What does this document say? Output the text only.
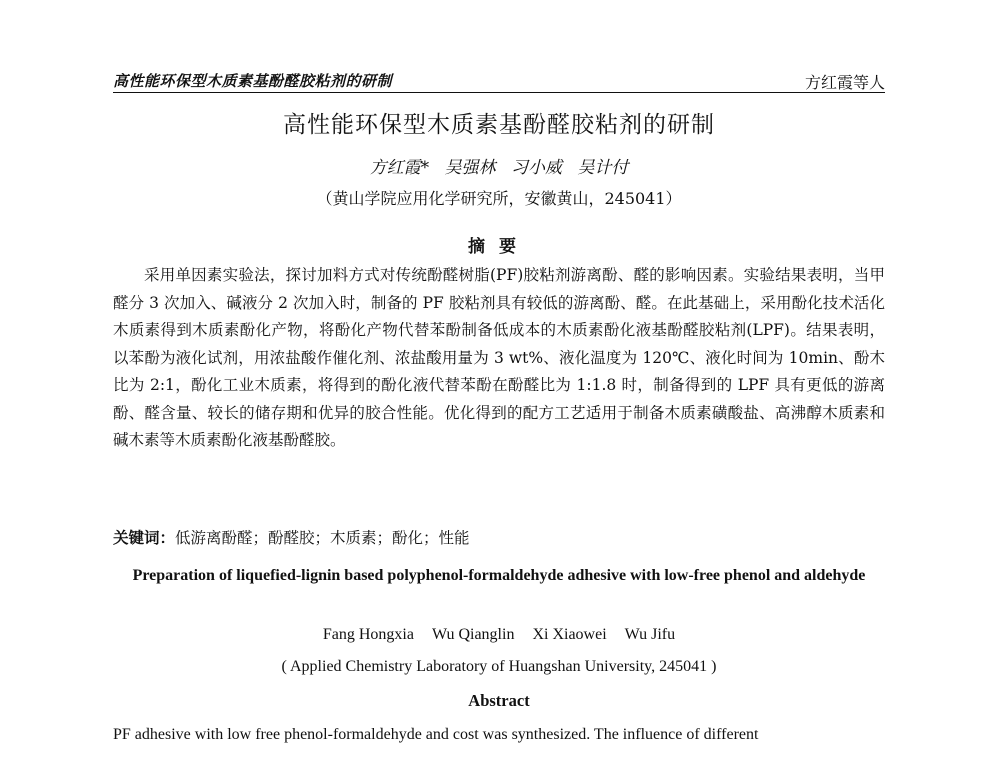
高性能环保型木质素基酚醛胶粘剂的研制	方红霞等人
高性能环保型木质素基酚醛胶粘剂的研制
方红霞* 吴强林 习小威 吴计付
（黄山学院应用化学研究所，安徽黄山，245041）
摘要

采用单因素实验法，探讨加料方式对传统酚醛树脂(PF)胶粘剂游离酚、醛的影响因素。实验结果表明，当甲醛分 3 次加入、碱液分 2 次加入时，制备的 PF 胶粘剂具有较低的游离酚、醛。在此基础上，采用酚化技术活化木质素得到木质素酚化产物，将酚化产物代替苯酚制备低成本的木质素酚化液基酚醛胶粘剂(LPF)。结果表明，以苯酚为液化试剂，用浓盐酸作催化剂、浓盐酸用量为 3 wt%、液化温度为 120℃、液化时间为 10min、酚木比为 2:1，酚化工业木质素，将得到的酚化液代替苯酚在酚醛比为 1:1.8 时，制备得到的 LPF 具有更低的游离酚、醛含量、较长的储存期和优异的胶合性能。优化得到的配方工艺适用于制备木质素磺酸盐、高沸醇木质素和碱木素等木质素酚化液基酚醛胶。

关键词：低游离酚醛；酚醛胶；木质素；酚化；性能
Preparation of liquefied-lignin based polyphenol-formaldehyde adhesive with low-free phenol and aldehyde
Fang Hongxia Wu Qianglin Xi Xiaowei Wu Jifu
( Applied Chemistry Laboratory of Huangshan University, 245041 )
Abstract

PF adhesive with low free phenol-formaldehyde and cost was synthesized. The influence of different
